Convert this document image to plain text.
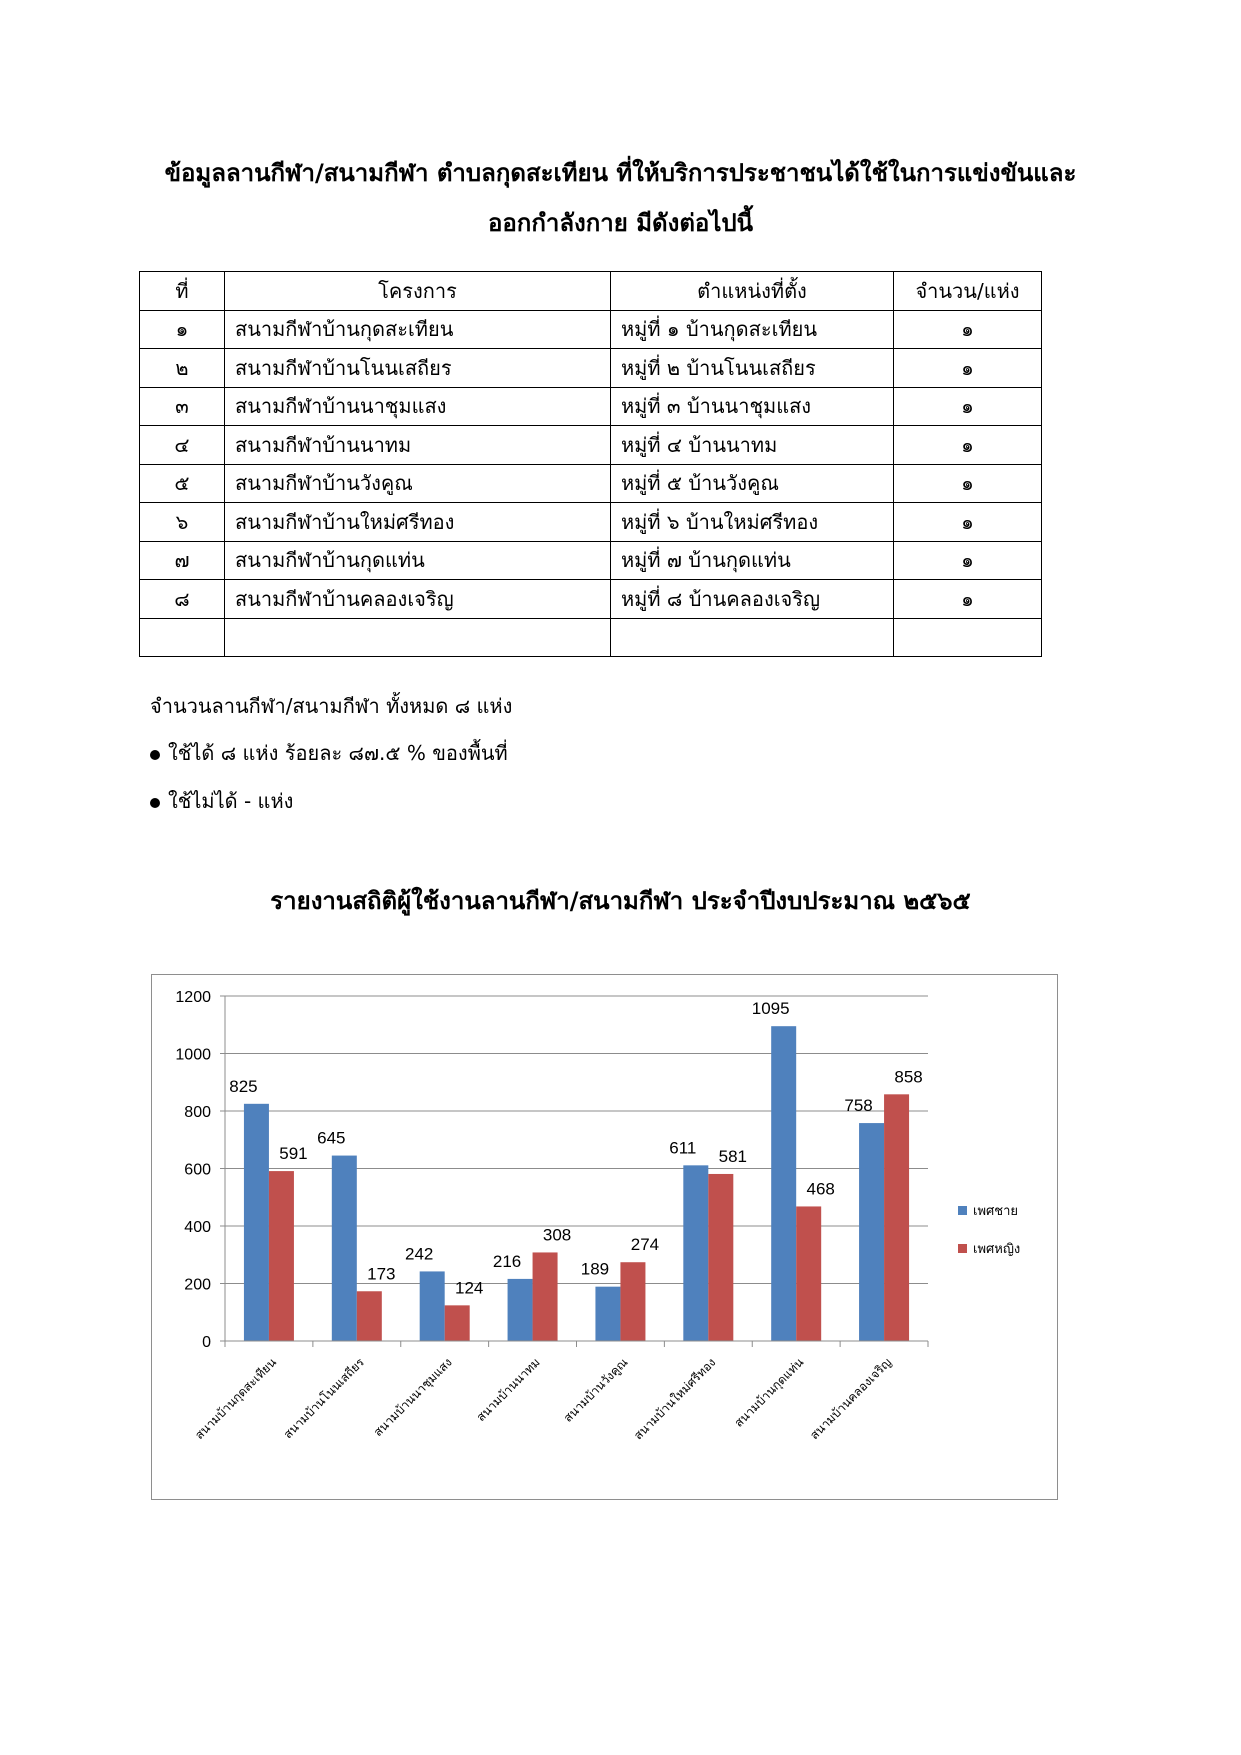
ข้อมูลลานกีฬา/สนามกีฬา ตำบลกุดสะเทียน ที่ให้บริการประชาชนได้ใช้ในการแข่งขันและ
ออกกำลังกาย มีดังต่อไปนี้
ที่	โครงการ	ตำแหน่งที่ตั้ง	จำนวน/แห่ง
๑	สนามกีฬาบ้านกุดสะเทียน	หมู่ที่ ๑ บ้านกุดสะเทียน	๑
๒	สนามกีฬาบ้านโนนเสถียร	หมู่ที่ ๒ บ้านโนนเสถียร	๑
๓	สนามกีฬาบ้านนาชุมแสง	หมู่ที่ ๓ บ้านนาชุมแสง	๑
๔	สนามกีฬาบ้านนาทม	หมู่ที่ ๔ บ้านนาทม	๑
๕	สนามกีฬาบ้านวังคูณ	หมู่ที่ ๕ บ้านวังคูณ	๑
๖	สนามกีฬาบ้านใหม่ศรีทอง	หมู่ที่ ๖ บ้านใหม่ศรีทอง	๑
๗	สนามกีฬาบ้านกุดแท่น	หมู่ที่ ๗ บ้านกุดแท่น	๑
๘	สนามกีฬาบ้านคลองเจริญ	หมู่ที่ ๘ บ้านคลองเจริญ	๑

จำนวนลานกีฬา/สนามกีฬา ทั้งหมด ๘ แห่ง
ใช้ได้ ๘ แห่ง ร้อยละ ๘๗.๕ % ของพื้นที่
ใช้ไม่ได้ - แห่ง
รายงานสถิติผู้ใช้งานลานกีฬา/สนามกีฬา ประจำปีงบประมาณ ๒๕๖๕
0
200
400
600
800
1000
1200
825
591
สนามบ้านกุดสะเทียน
645
173
สนามบ้านโนนเสถียร
242
124
สนามบ้านนาชุมแสง
216
308
สนามบ้านนาทม
189
274
สนามบ้านวังคูณ
611 581
สนามบ้านใหม่ศรีทอง
1095
468
สนามบ้านกุดแท่น
758
858
สนามบ้านคลองเจริญ
เพศชาย
เพศหญิง
